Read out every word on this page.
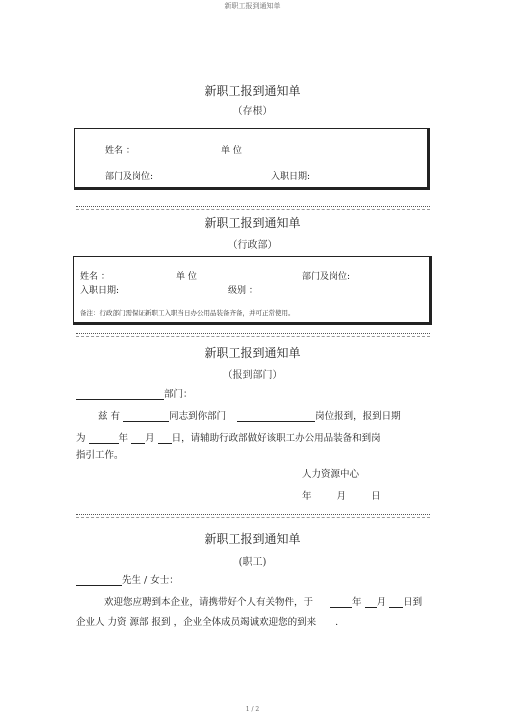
新职工报到通知单
新职工报到通知单
（存根）
姓名 ：	单 位
部门及岗位:	入职日期:
新职工报到通知单
（行政部）
姓名 ：	单 位	部门及岗位:
入职日期:	级别 ：
备注：行政部门需保证新职工入职当日办公用品装备齐备，并可正常使用。
新职工报到通知单
（报到部门）
部门：
兹 有	同志到你部门	岗位报到，报到日期
为	年 月 日，请辅助行政部做好该职工办公用品装备和到岗
指引工作。
人力资源中心
年	月	日
新职工报到通知单
(职工)
先生 / 女士：
欢迎您应聘到本企业，请携带好个人有关物件，于	年 月 日到
企业人 力资 源部 报到 ，企业全体成员竭诚欢迎您的到来 .
1 / 2
